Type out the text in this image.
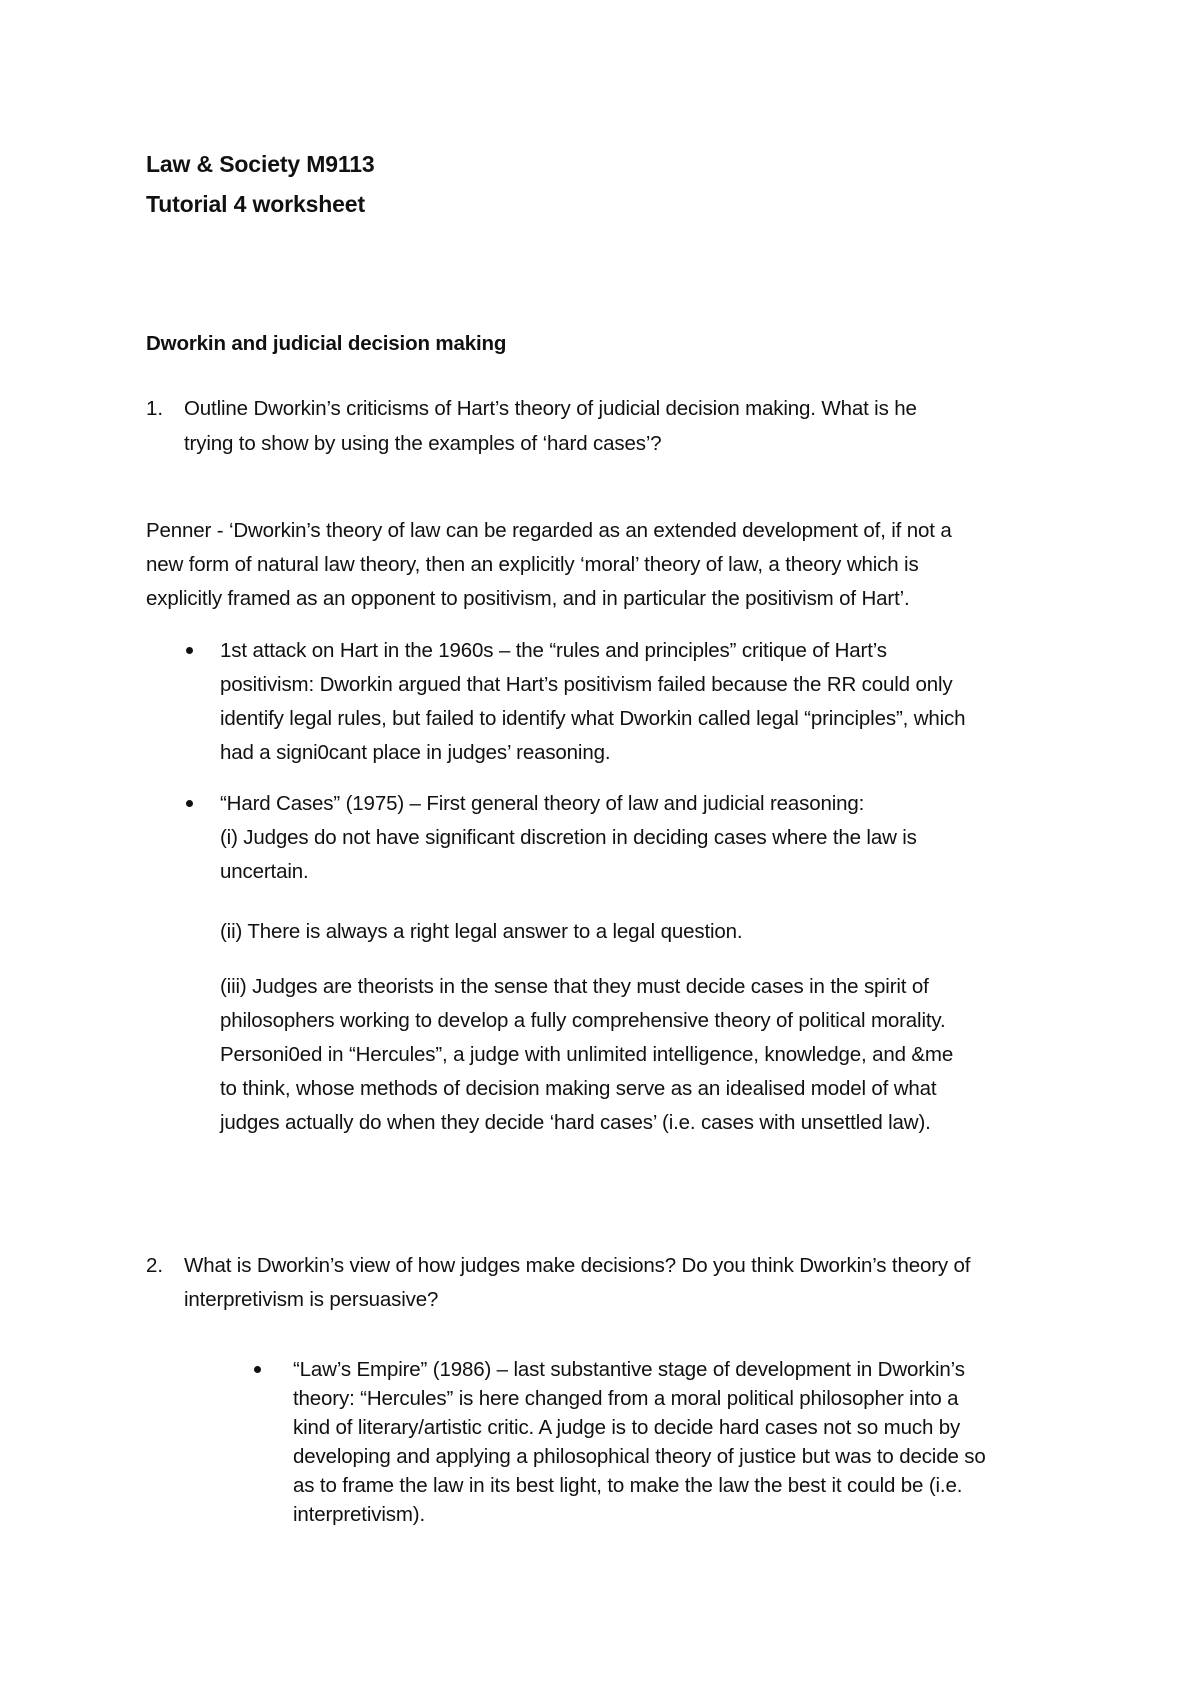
Law & Society M9113
Tutorial 4 worksheet
Dworkin and judicial decision making
1. Outline Dworkin’s criticisms of Hart’s theory of judicial decision making. What is he
trying to show by using the examples of ‘hard cases’?
Penner - ‘Dworkin’s theory of law can be regarded as an extended development of, if not a
new form of natural law theory, then an explicitly ‘moral’ theory of law, a theory which is
explicitly framed as an opponent to positivism, and in particular the positivism of Hart’.
1st attack on Hart in the 1960s – the “rules and principles” critique of Hart’s
positivism: Dworkin argued that Hart’s positivism failed because the RR could only
identify legal rules, but failed to identify what Dworkin called legal “principles”, which
had a signi0cant place in judges’ reasoning.
“Hard Cases” (1975) – First general theory of law and judicial reasoning:
(i) Judges do not have significant discretion in deciding cases where the law is
uncertain.
(ii) There is always a right legal answer to a legal question.
(iii) Judges are theorists in the sense that they must decide cases in the spirit of
philosophers working to develop a fully comprehensive theory of political morality.
Personi0ed in “Hercules”, a judge with unlimited intelligence, knowledge, and &me
to think, whose methods of decision making serve as an idealised model of what
judges actually do when they decide ‘hard cases’ (i.e. cases with unsettled law).
2. What is Dworkin’s view of how judges make decisions? Do you think Dworkin’s theory of
interpretivism is persuasive?
“Law’s Empire” (1986) – last substantive stage of development in Dworkin’s
theory: “Hercules” is here changed from a moral political philosopher into a
kind of literary/artistic critic. A judge is to decide hard cases not so much by
developing and applying a philosophical theory of justice but was to decide so
as to frame the law in its best light, to make the law the best it could be (i.e.
interpretivism).
